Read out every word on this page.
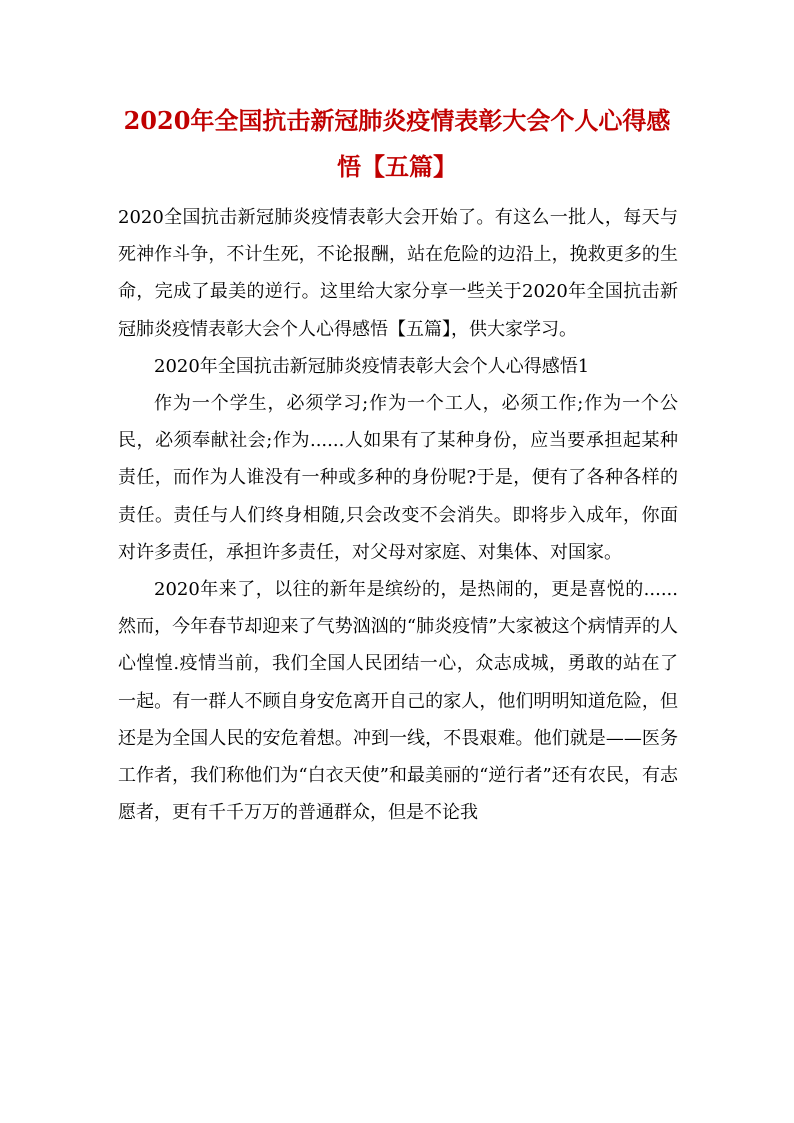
2020年全国抗击新冠肺炎疫情表彰大会个人心得感
悟【五篇】

2020全国抗击新冠肺炎疫情表彰大会开始了。有这么一批人，每天与死神作斗争，不计生死，不论报酬，站在危险的边沿上，挽救更多的生命，完成了最美的逆行。这里给大家分享一些关于2020年全国抗击新冠肺炎疫情表彰大会个人心得感悟【五篇】，供大家学习。

2020年全国抗击新冠肺炎疫情表彰大会个人心得感悟1

作为一个学生，必须学习;作为一个工人，必须工作;作为一个公民，必须奉献社会;作为......人如果有了某种身份，应当要承担起某种责任，而作为人谁没有一种或多种的身份呢?于是，便有了各种各样的责任。责任与人们终身相随,只会改变不会消失。即将步入成年，你面对许多责任，承担许多责任，对父母对家庭、对集体、对国家。

2020年来了，以往的新年是缤纷的，是热闹的，更是喜悦的......然而，今年春节却迎来了气势汹汹的“肺炎疫情”大家被这个病情弄的人心惶惶.疫情当前，我们全国人民团结一心，众志成城，勇敢的站在了一起。有一群人不顾自身安危离开自己的家人，他们明明知道危险，但还是为全国人民的安危着想。冲到一线，不畏艰难。他们就是——医务工作者，我们称他们为“白衣天使”和最美丽的“逆行者”还有农民，有志愿者，更有千千万万的普通群众，但是不论我
